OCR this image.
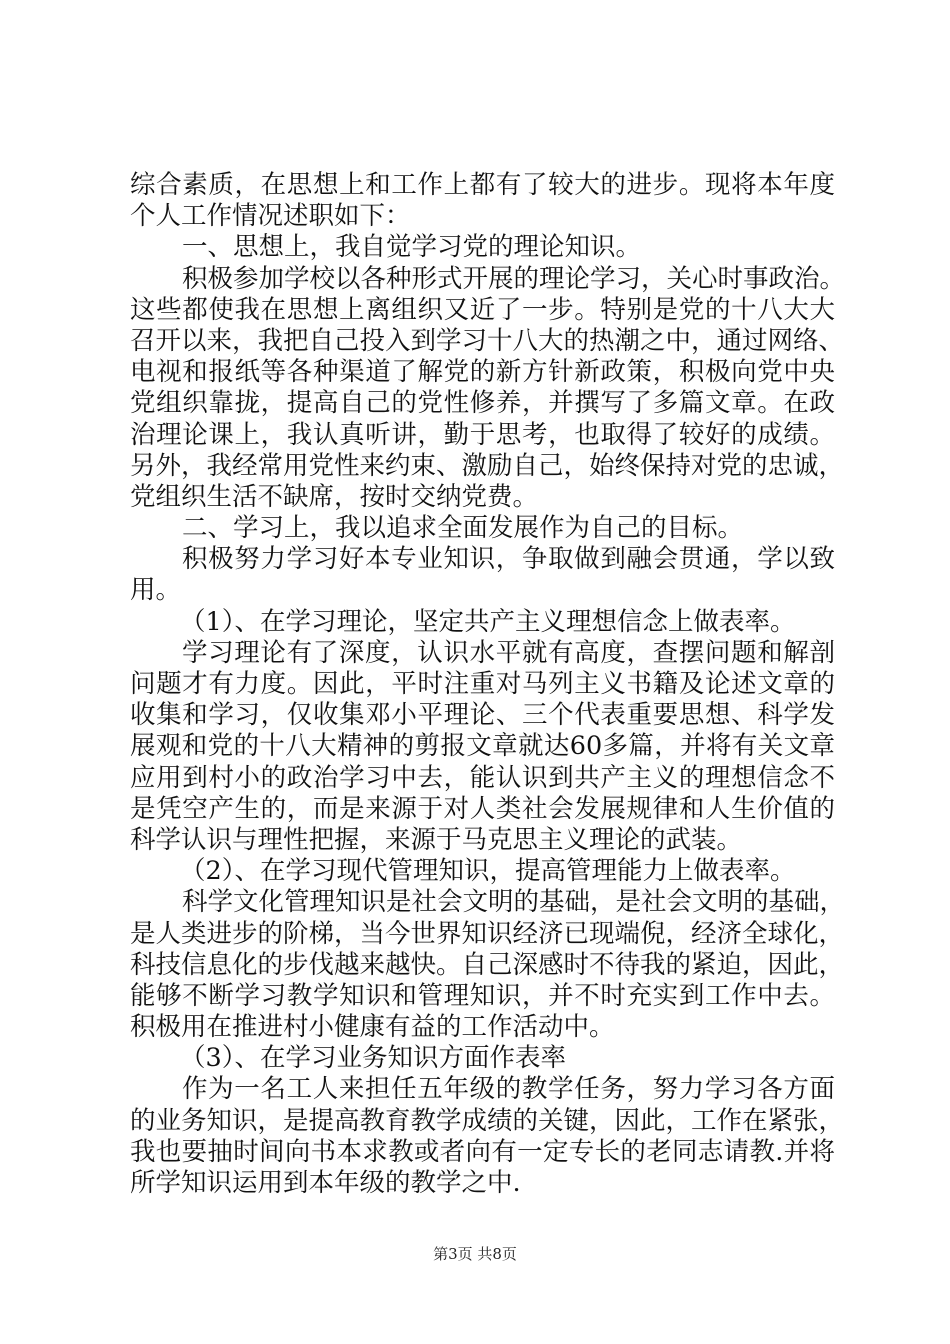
综合素质，在思想上和工作上都有了较大的进步。现将本年度
个人工作情况述职如下：
一、思想上，我自觉学习党的理论知识。
积极参加学校以各种形式开展的理论学习，关心时事政治。
这些都使我在思想上离组织又近了一步。特别是党的十八大大
召开以来，我把自己投入到学习十八大的热潮之中，通过网络、
电视和报纸等各种渠道了解党的新方针新政策，积极向党中央
党组织靠拢，提高自己的党性修养，并撰写了多篇文章。在政
治理论课上，我认真听讲，勤于思考，也取得了较好的成绩。
另外，我经常用党性来约束、激励自己，始终保持对党的忠诚，
党组织生活不缺席，按时交纳党费。
二、学习上，我以追求全面发展作为自己的目标。
积极努力学习好本专业知识，争取做到融会贯通，学以致
用。
（1）、在学习理论，坚定共产主义理想信念上做表率。
学习理论有了深度，认识水平就有高度，查摆问题和解剖
问题才有力度。因此，平时注重对马列主义书籍及论述文章的
收集和学习，仅收集邓小平理论、三个代表重要思想、科学发
展观和党的十八大精神的剪报文章就达60多篇，并将有关文章
应用到村小的政治学习中去，能认识到共产主义的理想信念不
是凭空产生的，而是来源于对人类社会发展规律和人生价值的
科学认识与理性把握，来源于马克思主义理论的武装。
（2）、在学习现代管理知识，提高管理能力上做表率。
科学文化管理知识是社会文明的基础，是社会文明的基础，
是人类进步的阶梯，当今世界知识经济已现端倪，经济全球化，
科技信息化的步伐越来越快。自己深感时不待我的紧迫，因此，
能够不断学习教学知识和管理知识，并不时充实到工作中去。
积极用在推进村小健康有益的工作活动中。
（3）、在学习业务知识方面作表率
作为一名工人来担任五年级的教学任务，努力学习各方面
的业务知识，是提高教育教学成绩的关键，因此，工作在紧张，
我也要抽时间向书本求教或者向有一定专长的老同志请教.并将
所学知识运用到本年级的教学之中.
第3页 共8页
